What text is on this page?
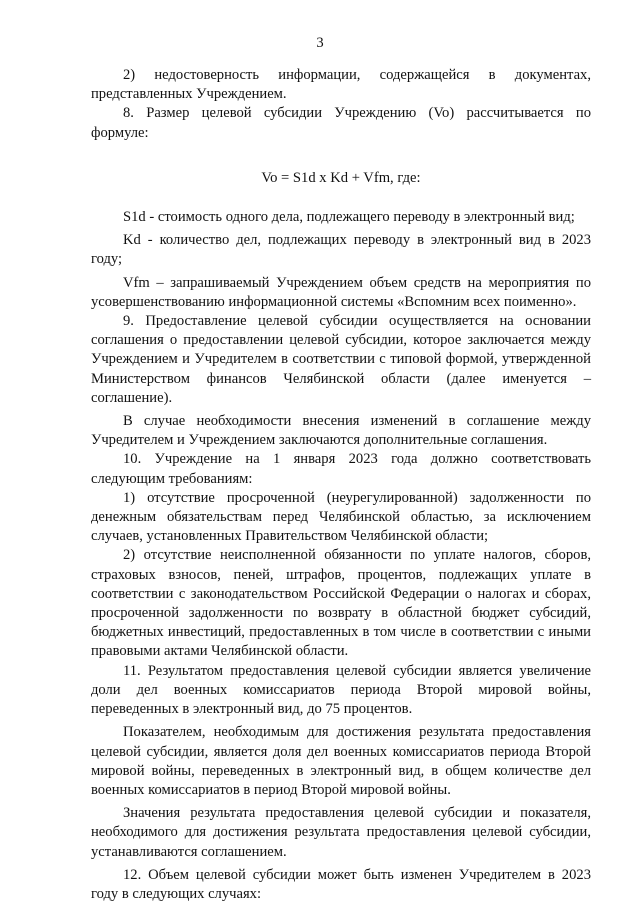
3

2) недостоверность информации, содержащейся в документах, представленных Учреждением.

8. Размер целевой субсидии Учреждению (Vo) рассчитывается по формуле:

Vo = S1d x Kd + Vfm, где:

S1d - стоимость одного дела, подлежащего переводу в электронный вид;

Kd - количество дел, подлежащих переводу в электронный вид в 2023 году;

Vfm – запрашиваемый Учреждением объем средств на мероприятия по усовершенствованию информационной системы «Вспомним всех поименно».

9. Предоставление целевой субсидии осуществляется на основании соглашения о предоставлении целевой субсидии, которое заключается между Учреждением и Учредителем в соответствии с типовой формой, утвержденной Министерством финансов Челябинской области (далее именуется – соглашение).

В случае необходимости внесения изменений в соглашение между Учредителем и Учреждением заключаются дополнительные соглашения.

10. Учреждение на 1 января 2023 года должно соответствовать следующим требованиям:

1) отсутствие просроченной (неурегулированной) задолженности по денежным обязательствам перед Челябинской областью, за исключением случаев, установленных Правительством Челябинской области;

2) отсутствие неисполненной обязанности по уплате налогов, сборов, страховых взносов, пеней, штрафов, процентов, подлежащих уплате в соответствии с законодательством Российской Федерации о налогах и сборах, просроченной задолженности по возврату в областной бюджет субсидий, бюджетных инвестиций, предоставленных в том числе в соответствии с иными правовыми актами Челябинской области.

11. Результатом предоставления целевой субсидии является увеличение доли дел военных комиссариатов периода Второй мировой войны, переведенных в электронный вид, до 75 процентов.

Показателем, необходимым для достижения результата предоставления целевой субсидии, является доля дел военных комиссариатов периода Второй мировой войны, переведенных в электронный вид, в общем количестве дел военных комиссариатов в период Второй мировой войны.

Значения результата предоставления целевой субсидии и показателя, необходимого для достижения результата предоставления целевой субсидии, устанавливаются соглашением.

12. Объем целевой субсидии может быть изменен Учредителем в 2023 году в следующих случаях:
